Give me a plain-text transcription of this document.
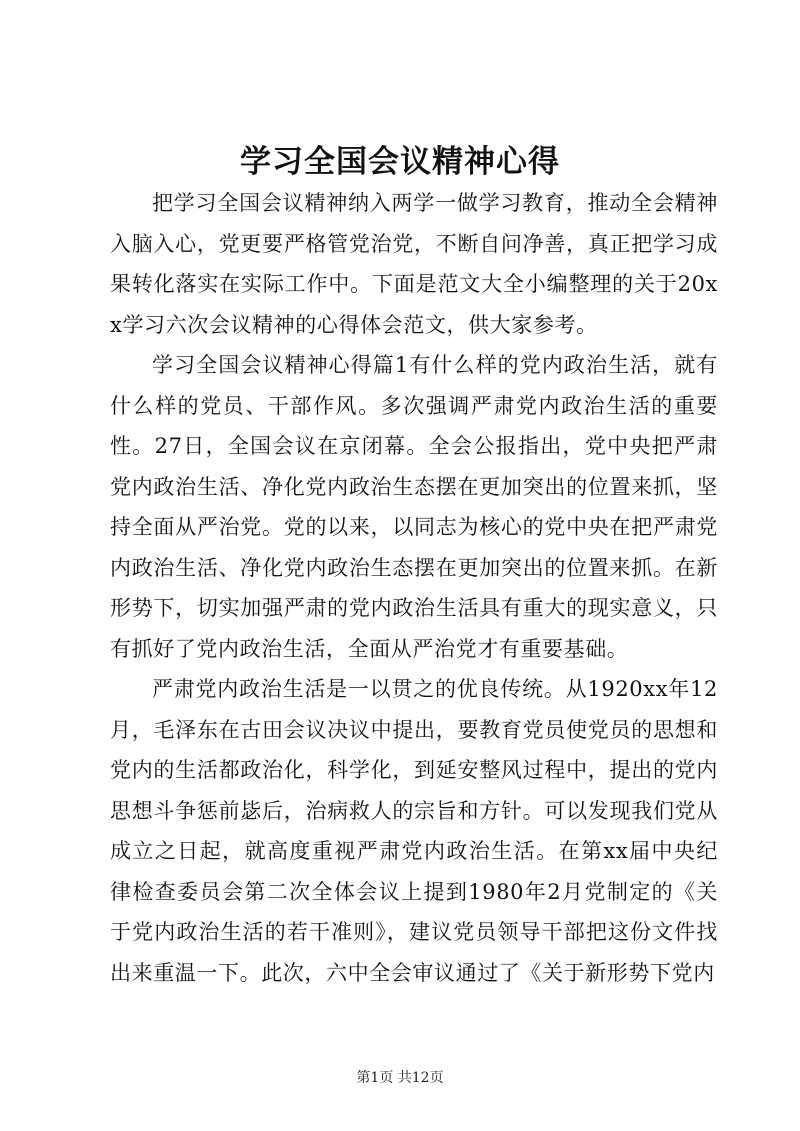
学习全国会议精神心得

把学习全国会议精神纳入两学一做学习教育，推动全会精神入脑入心，党更要严格管党治党，不断自问净善，真正把学习成果转化落实在实际工作中。下面是范文大全小编整理的关于20xx学习六次会议精神的心得体会范文，供大家参考。

学习全国会议精神心得篇1有什么样的党内政治生活，就有什么样的党员、干部作风。多次强调严肃党内政治生活的重要性。27日，全国会议在京闭幕。全会公报指出，党中央把严肃党内政治生活、净化党内政治生态摆在更加突出的位置来抓，坚持全面从严治党。党的以来，以同志为核心的党中央在把严肃党内政治生活、净化党内政治生态摆在更加突出的位置来抓。在新形势下，切实加强严肃的党内政治生活具有重大的现实意义，只有抓好了党内政治生活，全面从严治党才有重要基础。

严肃党内政治生活是一以贯之的优良传统。从1920xx年12月，毛泽东在古田会议决议中提出，要教育党员使党员的思想和党内的生活都政治化，科学化，到延安整风过程中，提出的党内思想斗争惩前毖后，治病救人的宗旨和方针。可以发现我们党从成立之日起，就高度重视严肃党内政治生活。在第xx届中央纪律检查委员会第二次全体会议上提到1980年2月党制定的《关于党内政治生活的若干准则》，建议党员领导干部把这份文件找出来重温一下。此次，六中全会审议通过了《关于新形势下党内

第1页 共12页
